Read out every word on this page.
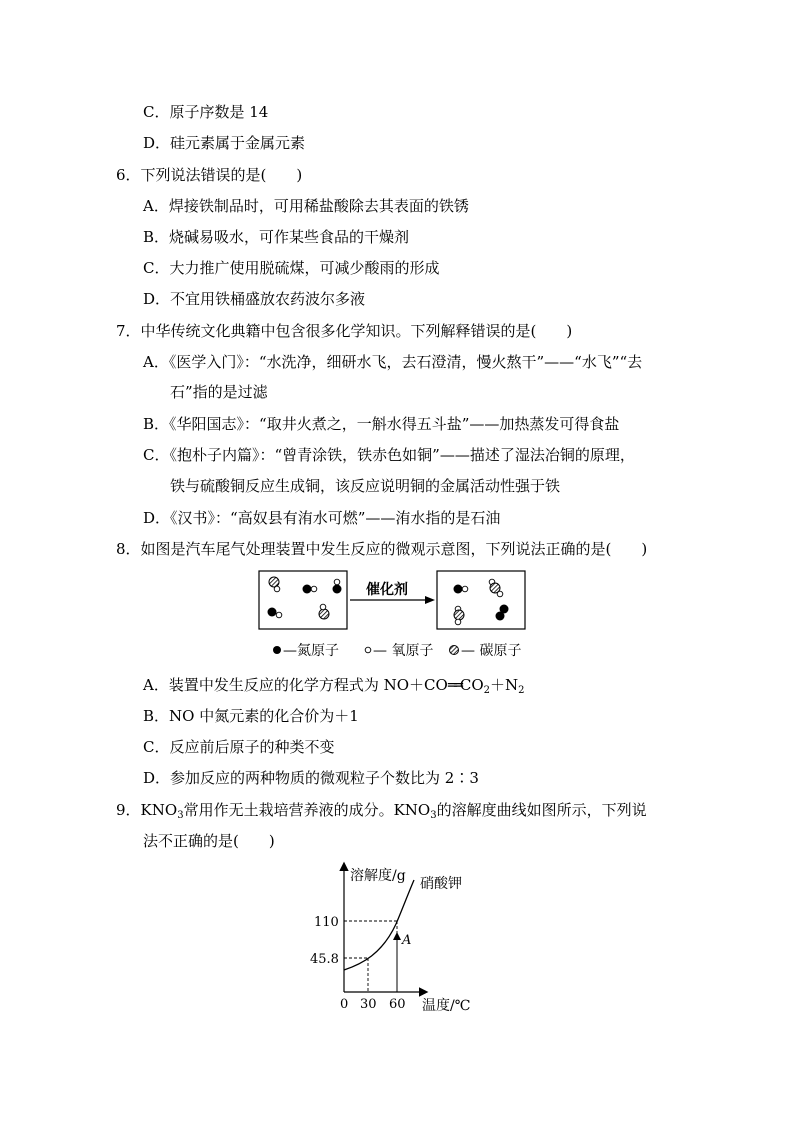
C．原子序数是 14
D．硅元素属于金属元素
6．下列说法错误的是(　　)
A．焊接铁制品时，可用稀盐酸除去其表面的铁锈
B．烧碱易吸水，可作某些食品的干燥剂
C．大力推广使用脱硫煤，可减少酸雨的形成
D．不宜用铁桶盛放农药波尔多液
7．中华传统文化典籍中包含很多化学知识。下列解释错误的是(　　)
A．《医学入门》：“水洗净，细研水飞，去石澄清，慢火熬干”——“水飞”“去
石”指的是过滤
B．《华阳国志》：“取井火煮之，一斛水得五斗盐”——加热蒸发可得食盐
C．《抱朴子内篇》：“曾青涂铁，铁赤色如铜”——描述了湿法冶铜的原理，
铁与硫酸铜反应生成铜，该反应说明铜的金属活动性强于铁
D．《汉书》：“高奴县有洧水可燃”——洧水指的是石油
8．如图是汽车尾气处理装置中发生反应的微观示意图，下列说法正确的是(　　)
催化剂
—氮原子 — 氧原子 — 碳原子
A．装置中发生反应的化学方程式为 $NO+CO══CO_2+N_2$
B．NO 中氮元素的化合价为＋1
C．反应前后原子的种类不变
D．参加反应的两种物质的微观粒子个数比为 2∶3
9．$KNO_3$常用作无土栽培营养液的成分。$KNO_3$的溶解度曲线如图所示，下列说
法不正确的是(　　)
溶解度/g 硝酸钾
A
110
45.8
0 30 60 温度/℃
